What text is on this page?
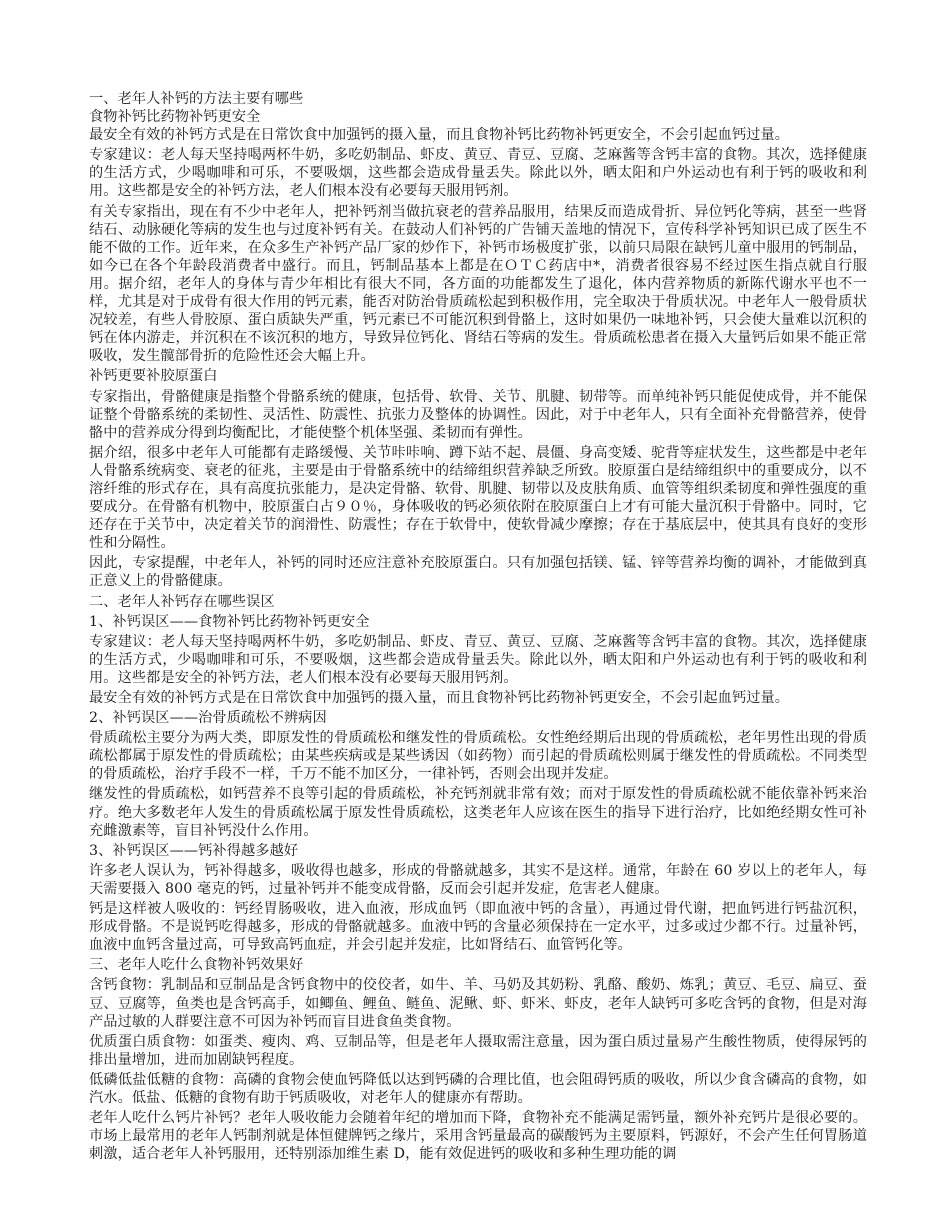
一、老年人补钙的方法主要有哪些

食物补钙比药物补钙更安全

最安全有效的补钙方式是在日常饮食中加强钙的摄入量，而且食物补钙比药物补钙更安全，不会引起血钙过量。

专家建议：老人每天坚持喝两杯牛奶，多吃奶制品、虾皮、黄豆、青豆、豆腐、芝麻酱等含钙丰富的食物。其次，选择健康的生活方式，少喝咖啡和可乐，不要吸烟，这些都会造成骨量丢失。除此以外，晒太阳和户外运动也有利于钙的吸收和利用。这些都是安全的补钙方法，老人们根本没有必要每天服用钙剂。

有关专家指出，现在有不少中老年人，把补钙剂当做抗衰老的营养品服用，结果反而造成骨折、异位钙化等病，甚至一些肾结石、动脉硬化等病的发生也与过度补钙有关。在鼓动人们补钙的广告铺天盖地的情况下，宣传科学补钙知识已成了医生不能不做的工作。近年来，在众多生产补钙产品厂家的炒作下，补钙市场极度扩张，以前只局限在缺钙儿童中服用的钙制品，如今已在各个年龄段消费者中盛行。而且，钙制品基本上都是在ＯＴＣ药店中*，消费者很容易不经过医生指点就自行服用。据介绍，老年人的身体与青少年相比有很大不同，各方面的功能都发生了退化，体内营养物质的新陈代谢水平也不一样，尤其是对于成骨有很大作用的钙元素，能否对防治骨质疏松起到积极作用，完全取决于骨质状况。中老年人一般骨质状况较差，有些人骨胶原、蛋白质缺失严重，钙元素已不可能沉积到骨骼上，这时如果仍一味地补钙，只会使大量难以沉积的钙在体内游走，并沉积在不该沉积的地方，导致异位钙化、肾结石等病的发生。骨质疏松患者在摄入大量钙后如果不能正常吸收，发生髋部骨折的危险性还会大幅上升。

补钙更要补胶原蛋白

专家指出，骨骼健康是指整个骨骼系统的健康，包括骨、软骨、关节、肌腱、韧带等。而单纯补钙只能促使成骨，并不能保证整个骨骼系统的柔韧性、灵活性、防震性、抗张力及整体的协调性。因此，对于中老年人，只有全面补充骨骼营养，使骨骼中的营养成分得到均衡配比，才能使整个机体坚强、柔韧而有弹性。

据介绍，很多中老年人可能都有走路缓慢、关节咔咔响、蹲下站不起、晨僵、身高变矮、驼背等症状发生，这些都是中老年人骨骼系统病变、衰老的征兆，主要是由于骨骼系统中的结缔组织营养缺乏所致。胶原蛋白是结缔组织中的重要成分，以不溶纤维的形式存在，具有高度抗张能力，是决定骨骼、软骨、肌腱、韧带以及皮肤角质、血管等组织柔韧度和弹性强度的重要成分。在骨骼有机物中，胶原蛋白占９０％，身体吸收的钙必须依附在胶原蛋白上才有可能大量沉积于骨骼中。同时，它还存在于关节中，决定着关节的润滑性、防震性；存在于软骨中，使软骨减少摩擦；存在于基底层中，使其具有良好的变形性和分隔性。

因此，专家提醒，中老年人，补钙的同时还应注意补充胶原蛋白。只有加强包括镁、锰、锌等营养均衡的调补，才能做到真正意义上的骨骼健康。

二、老年人补钙存在哪些误区

1、补钙误区——食物补钙比药物补钙更安全

专家建议：老人每天坚持喝两杯牛奶，多吃奶制品、虾皮、青豆、黄豆、豆腐、芝麻酱等含钙丰富的食物。其次，选择健康的生活方式，少喝咖啡和可乐，不要吸烟，这些都会造成骨量丢失。除此以外，晒太阳和户外运动也有利于钙的吸收和利用。这些都是安全的补钙方法，老人们根本没有必要每天服用钙剂。

最安全有效的补钙方式是在日常饮食中加强钙的摄入量，而且食物补钙比药物补钙更安全，不会引起血钙过量。

2、补钙误区——治骨质疏松不辨病因

骨质疏松主要分为两大类，即原发性的骨质疏松和继发性的骨质疏松。女性绝经期后出现的骨质疏松，老年男性出现的骨质疏松都属于原发性的骨质疏松；由某些疾病或是某些诱因（如药物）而引起的骨质疏松则属于继发性的骨质疏松。不同类型的骨质疏松，治疗手段不一样，千万不能不加区分，一律补钙，否则会出现并发症。

继发性的骨质疏松，如钙营养不良等引起的骨质疏松，补充钙剂就非常有效；而对于原发性的骨质疏松就不能依靠补钙来治疗。绝大多数老年人发生的骨质疏松属于原发性骨质疏松，这类老年人应该在医生的指导下进行治疗，比如绝经期女性可补充雌激素等，盲目补钙没什么作用。

3、补钙误区——钙补得越多越好

许多老人误认为，钙补得越多，吸收得也越多，形成的骨骼就越多，其实不是这样。通常，年龄在 60 岁以上的老年人，每天需要摄入 800 毫克的钙，过量补钙并不能变成骨骼，反而会引起并发症，危害老人健康。

钙是这样被人吸收的：钙经胃肠吸收，进入血液，形成血钙（即血液中钙的含量），再通过骨代谢，把血钙进行钙盐沉积，形成骨骼。不是说钙吃得越多，形成的骨骼就越多。血液中钙的含量必须保持在一定水平，过多或过少都不行。过量补钙，血液中血钙含量过高，可导致高钙血症，并会引起并发症，比如肾结石、血管钙化等。

三、老年人吃什么食物补钙效果好

含钙食物：乳制品和豆制品是含钙食物中的佼佼者，如牛、羊、马奶及其奶粉、乳酪、酸奶、炼乳；黄豆、毛豆、扁豆、蚕豆、豆腐等，鱼类也是含钙高手，如鲫鱼、鲤鱼、鲢鱼、泥鳅、虾、虾米、虾皮，老年人缺钙可多吃含钙的食物，但是对海产品过敏的人群要注意不可因为补钙而盲目进食鱼类食物。

优质蛋白质食物：如蛋类、瘦肉、鸡、豆制品等，但是老年人摄取需注意量，因为蛋白质过量易产生酸性物质，使得尿钙的排出量增加，进而加剧缺钙程度。

低磷低盐低糖的食物：高磷的食物会使血钙降低以达到钙磷的合理比值，也会阻碍钙质的吸收，所以少食含磷高的食物，如汽水。低盐、低糖的食物有助于钙质吸收，对老年人的健康亦有帮助。

老年人吃什么钙片补钙？老年人吸收能力会随着年纪的增加而下降，食物补充不能满足需钙量，额外补充钙片是很必要的。市场上最常用的老年人钙制剂就是体恒健牌钙之缘片，采用含钙量最高的碳酸钙为主要原料，钙源好，不会产生任何胃肠道刺激，适合老年人补钙服用，还特别添加维生素 D，能有效促进钙的吸收和多种生理功能的调
